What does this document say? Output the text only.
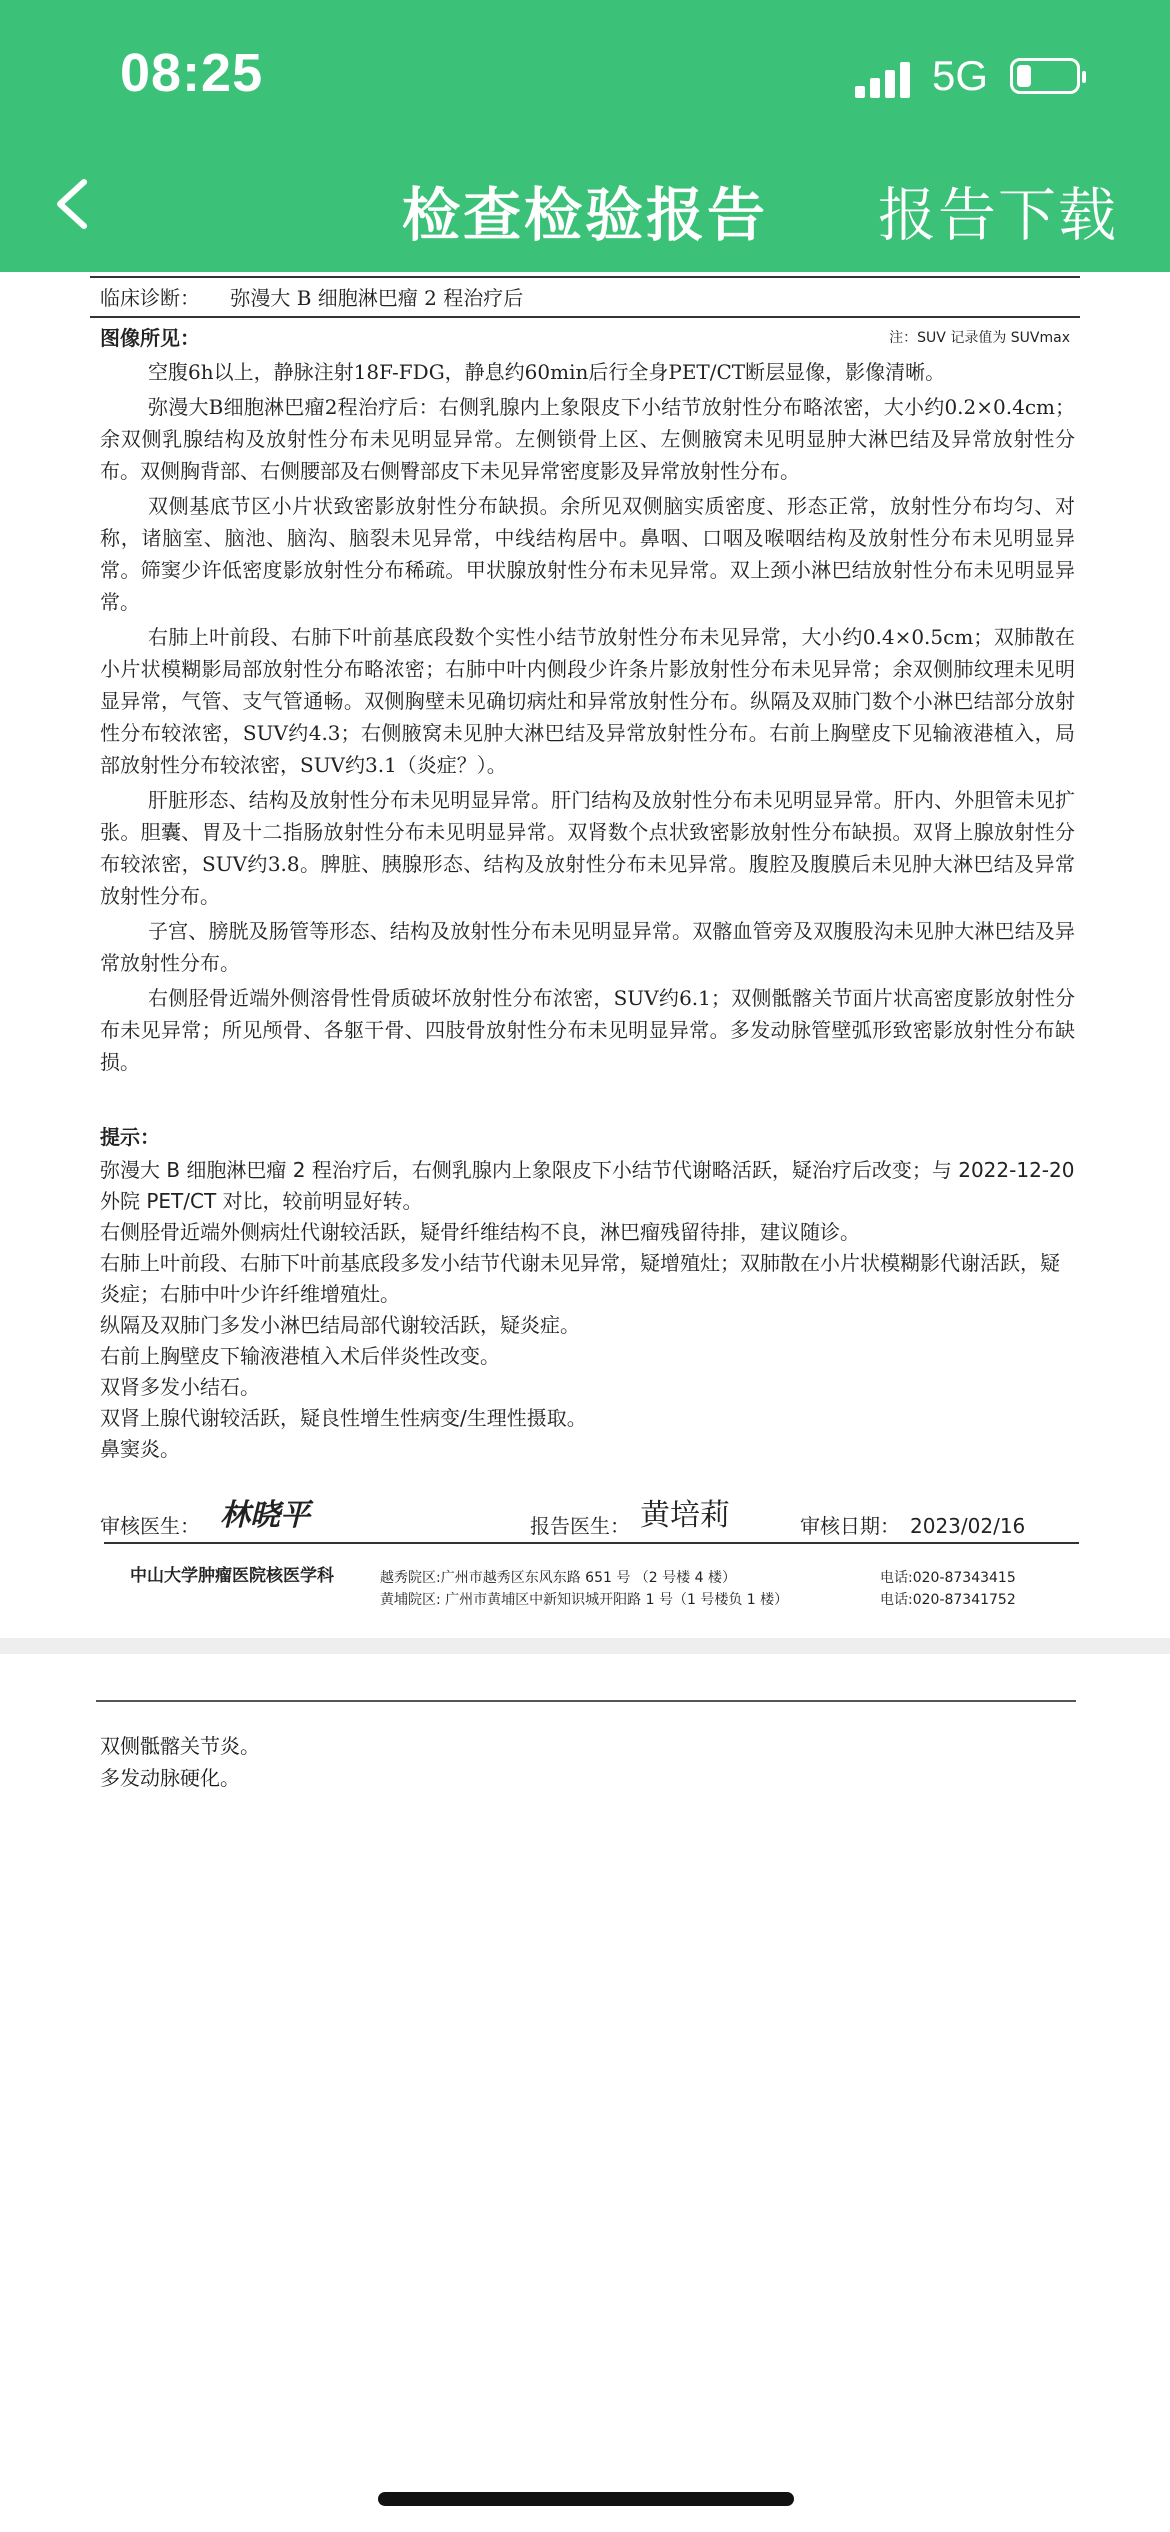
08:25	5G
检查检验报告	报告下载
临床诊断： 弥漫大 B 细胞淋巴瘤 2 程治疗后
图像所见：	注：SUV 记录值为 SUVmax

空腹6h以上，静脉注射18F-FDG，静息约60min后行全身PET/CT断层显像，影像清晰。

弥漫大B细胞淋巴瘤2程治疗后：右侧乳腺内上象限皮下小结节放射性分布略浓密，大小约0.2×0.4cm；余双侧乳腺结构及放射性分布未见明显异常。左侧锁骨上区、左侧腋窝未见明显肿大淋巴结及异常放射性分布。双侧胸背部、右侧腰部及右侧臀部皮下未见异常密度影及异常放射性分布。

双侧基底节区小片状致密影放射性分布缺损。余所见双侧脑实质密度、形态正常，放射性分布均匀、对称，诸脑室、脑池、脑沟、脑裂未见异常，中线结构居中。鼻咽、口咽及喉咽结构及放射性分布未见明显异常。筛窦少许低密度影放射性分布稀疏。甲状腺放射性分布未见异常。双上颈小淋巴结放射性分布未见明显异常。

右肺上叶前段、右肺下叶前基底段数个实性小结节放射性分布未见异常，大小约0.4×0.5cm；双肺散在小片状模糊影局部放射性分布略浓密；右肺中叶内侧段少许条片影放射性分布未见异常；余双侧肺纹理未见明显异常，气管、支气管通畅。双侧胸壁未见确切病灶和异常放射性分布。纵隔及双肺门数个小淋巴结部分放射性分布较浓密，SUV约4.3；右侧腋窝未见肿大淋巴结及异常放射性分布。右前上胸壁皮下见输液港植入，局部放射性分布较浓密，SUV约3.1（炎症？）。

肝脏形态、结构及放射性分布未见明显异常。肝门结构及放射性分布未见明显异常。肝内、外胆管未见扩张。胆囊、胃及十二指肠放射性分布未见明显异常。双肾数个点状致密影放射性分布缺损。双肾上腺放射性分布较浓密，SUV约3.8。脾脏、胰腺形态、结构及放射性分布未见异常。腹腔及腹膜后未见肿大淋巴结及异常放射性分布。

子宫、膀胱及肠管等形态、结构及放射性分布未见明显异常。双髂血管旁及双腹股沟未见肿大淋巴结及异常放射性分布。

右侧胫骨近端外侧溶骨性骨质破坏放射性分布浓密，SUV约6.1；双侧骶髂关节面片状高密度影放射性分布未见异常；所见颅骨、各躯干骨、四肢骨放射性分布未见明显异常。多发动脉管壁弧形致密影放射性分布缺损。

提示：
弥漫大 B 细胞淋巴瘤 2 程治疗后，右侧乳腺内上象限皮下小结节代谢略活跃，疑治疗后改变；与 2022-12-20 外院 PET/CT 对比，较前明显好转。
右侧胫骨近端外侧病灶代谢较活跃，疑骨纤维结构不良，淋巴瘤残留待排，建议随诊。
右肺上叶前段、右肺下叶前基底段多发小结节代谢未见异常，疑增殖灶；双肺散在小片状模糊影代谢活跃，疑炎症；右肺中叶少许纤维增殖灶。
纵隔及双肺门多发小淋巴结局部代谢较活跃，疑炎症。
右前上胸壁皮下输液港植入术后伴炎性改变。
双肾多发小结石。
双肾上腺代谢较活跃，疑良性增生性病变/生理性摄取。
鼻窦炎。
审核医生： 林晓平	报告医生： 黄培莉	审核日期： 2023/02/16
中山大学肿瘤医院核医学科	越秀院区:广州市越秀区东风东路 651 号 （2 号楼 4 楼）	电话:020-87343415
黄埔院区: 广州市黄埔区中新知识城开阳路 1 号（1 号楼负 1 楼）	电话:020-87341752
双侧骶髂关节炎。
多发动脉硬化。
